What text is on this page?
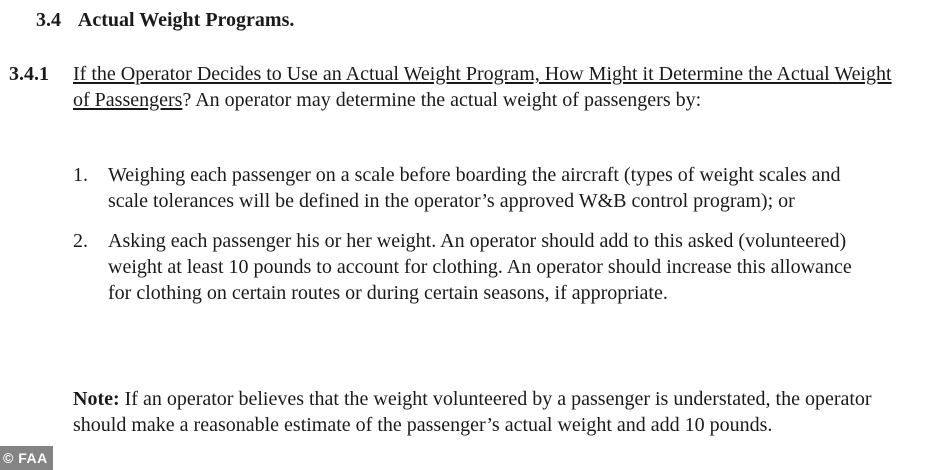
3.4 Actual Weight Programs.
3.4.1 If the Operator Decides to Use an Actual Weight Program, How Might it Determine the Actual Weight of Passengers? An operator may determine the actual weight of passengers by:
1. Weighing each passenger on a scale before boarding the aircraft (types of weight scales and scale tolerances will be defined in the operator’s approved W&B control program); or
2. Asking each passenger his or her weight. An operator should add to this asked (volunteered) weight at least 10 pounds to account for clothing. An operator should increase this allowance for clothing on certain routes or during certain seasons, if appropriate.
Note: If an operator believes that the weight volunteered by a passenger is understated, the operator should make a reasonable estimate of the passenger’s actual weight and add 10 pounds.
© FAA
